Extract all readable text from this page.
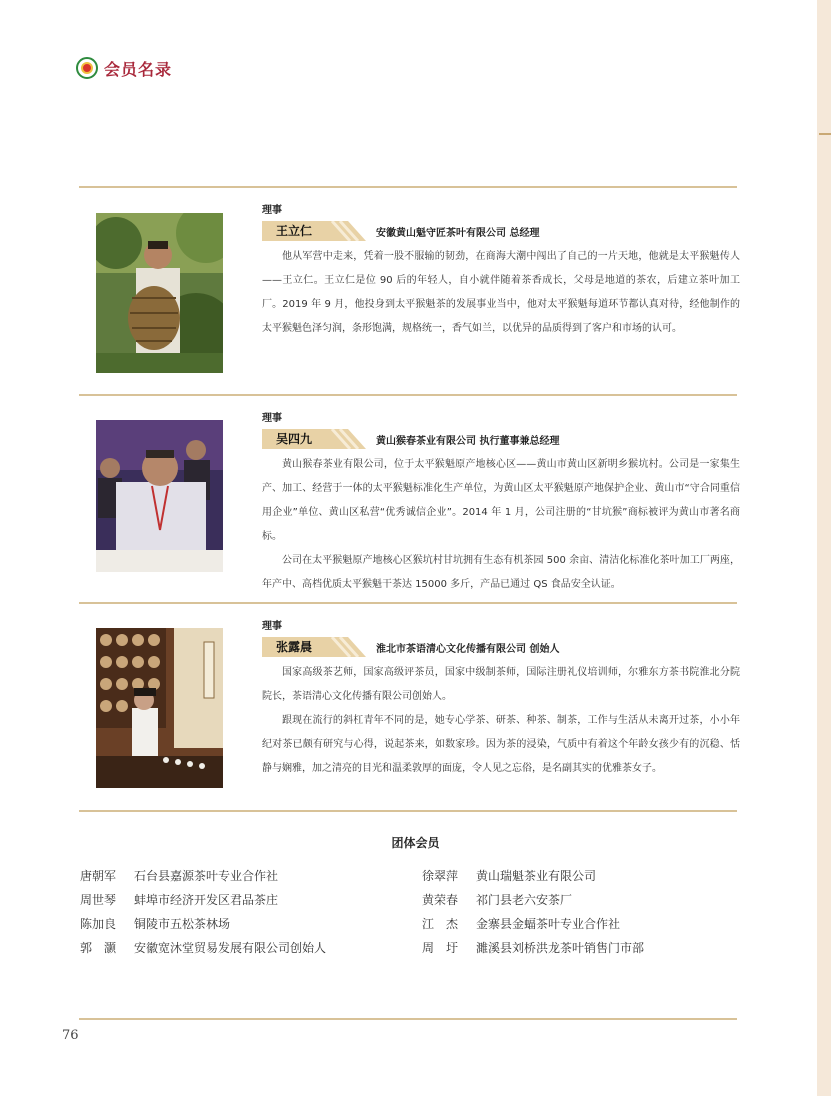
会员名录
理事
王立仁	安徽黄山魁守匠茶叶有限公司 总经理

他从军营中走来，凭着一股不服输的韧劲，在商海大潮中闯出了自己的一片天地，他就是太平猴魁传人——王立仁。王立仁是位 90 后的年轻人，自小就伴随着茶香成长，父母是地道的茶农，后建立茶叶加工厂。2019 年 9 月，他投身到太平猴魁茶的发展事业当中，他对太平猴魁每道环节都认真对待，经他制作的太平猴魁色泽匀润，条形饱满，规格统一，香气如兰，以优异的品质得到了客户和市场的认可。

理事
吴四九	黄山猴春茶业有限公司 执行董事兼总经理

黄山猴春茶业有限公司，位于太平猴魁原产地核心区——黄山市黄山区新明乡猴坑村。公司是一家集生产、加工、经营于一体的太平猴魁标准化生产单位，为黄山区太平猴魁原产地保护企业、黄山市“守合同重信用企业”单位、黄山区私营“优秀诚信企业”。2014 年 1 月，公司注册的“甘坑猴”商标被评为黄山市著名商标。

公司在太平猴魁原产地核心区猴坑村甘坑拥有生态有机茶园 500 余亩、清洁化标准化茶叶加工厂两座，年产中、高档优质太平猴魁干茶达 15000 多斤，产品已通过 QS 食品安全认证。

理事
张露晨	淮北市茶语清心文化传播有限公司 创始人

国家高级茶艺师，国家高级评茶员，国家中级制茶师，国际注册礼仪培训师，尔雅东方茶书院淮北分院院长，茶语清心文化传播有限公司创始人。

跟现在流行的斜杠青年不同的是，她专心学茶、研茶、种茶、制茶，工作与生活从未离开过茶，小小年纪对茶已颇有研究与心得，说起茶来，如数家珍。因为茶的浸染，气质中有着这个年龄女孩少有的沉稳、恬静与娴雅，加之清亮的目光和温柔敦厚的面庞，令人见之忘俗，是名副其实的优雅茶女子。

团体会员
唐朝军 石台县嘉源茶叶专业合作社
周世琴 蚌埠市经济开发区君品茶庄
陈加良 铜陵市五松茶林场
郭　灏 安徽宽沐堂贸易发展有限公司创始人
徐翠萍 黄山瑞魁茶业有限公司
黄荣春 祁门县老六安茶厂
江　杰 金寨县金蝠茶叶专业合作社
周　圩 濉溪县刘桥洪龙茶叶销售门市部
76
